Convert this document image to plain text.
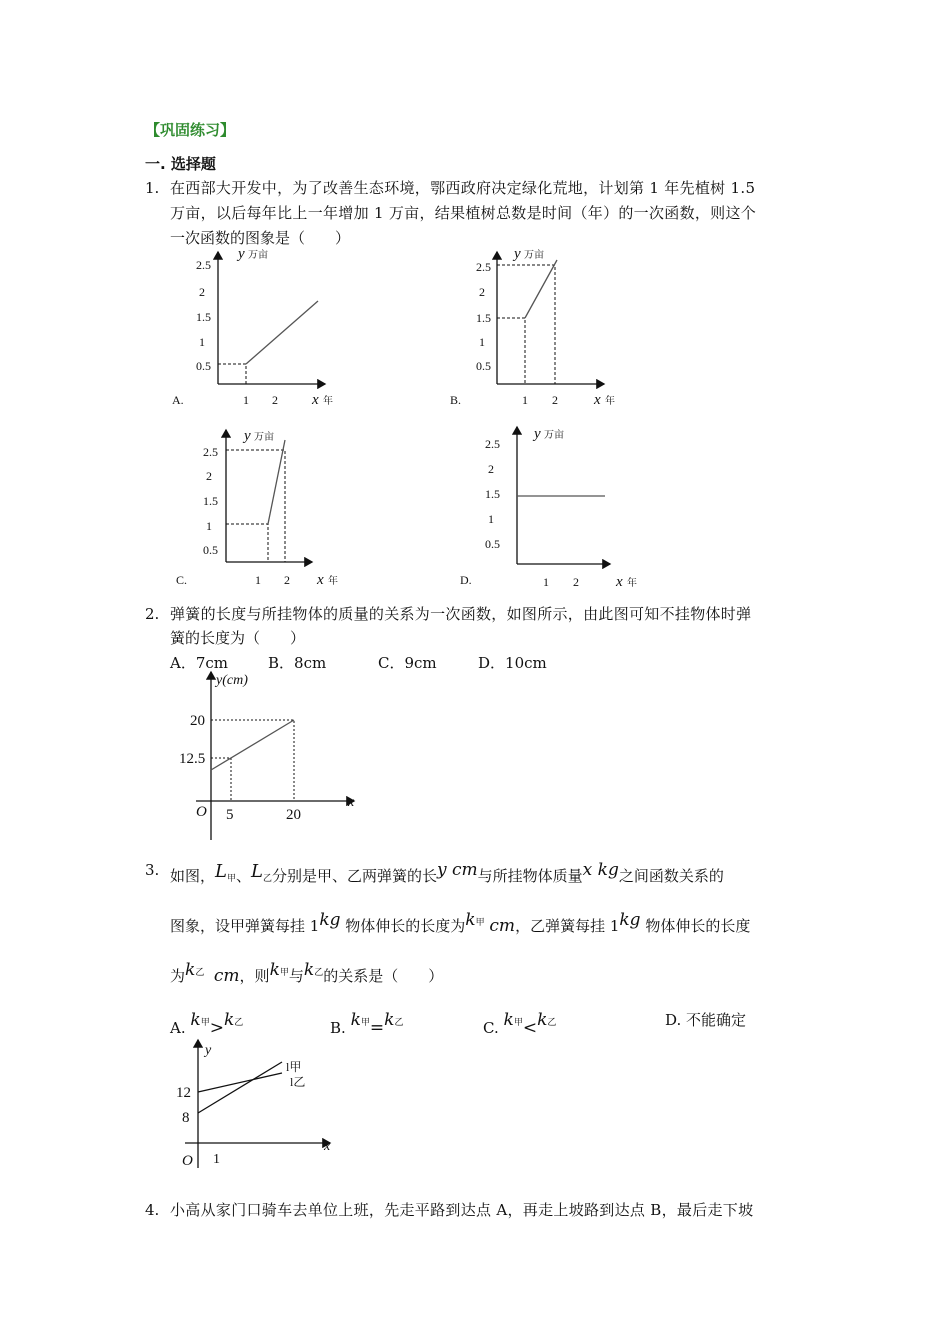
【巩固练习】
一. 选择题
1. 在西部大开发中，为了改善生态环境，鄂西政府决定绿化荒地，计划第 1 年先植树 1.5
万亩，以后每年比上一年增加 1 万亩，结果植树总数是时间（年）的一次函数，则这个
一次函数的图象是（　　）
2.5
2
1.5
1
0.5
1 2
y 万亩
x 年
A.
2.5
2
1.5
1
0.5
1 2
y 万亩
x 年
B.
2.5
2
1.5
1
0.5
1 2
y 万亩
x 年
C.
2.5
2
1.5
1
0.5
1 2
y 万亩
x 年
D.
y(cm)
20
12.5
O 5	20
x
y
12
8
O 1
x
l甲
l乙
2. 弹簧的长度与所挂物体的质量的关系为一次函数，如图所示，由此图可知不挂物体时弹
簧的长度为（　　）
A．7cm	B．8cm	C．9cm	D．10cm
3. 如图，L甲、L乙分别是甲、乙两弹簧的长y cm与所挂物体质量x kg之间函数关系的
图象，设甲弹簧每挂 1kg 物体伸长的长度为$k^甲$ cm，乙弹簧每挂 1kg 物体伸长的长度
为$k^乙$ cm，则$k^甲$与$k^乙$的关系是（　　）
A. $k^甲>k^乙$	B. $k^甲=k^乙$	C. $k^甲<k^乙$	D. 不能确定
4. 小高从家门口骑车去单位上班，先走平路到达点 A，再走上坡路到达点 B，最后走下坡
